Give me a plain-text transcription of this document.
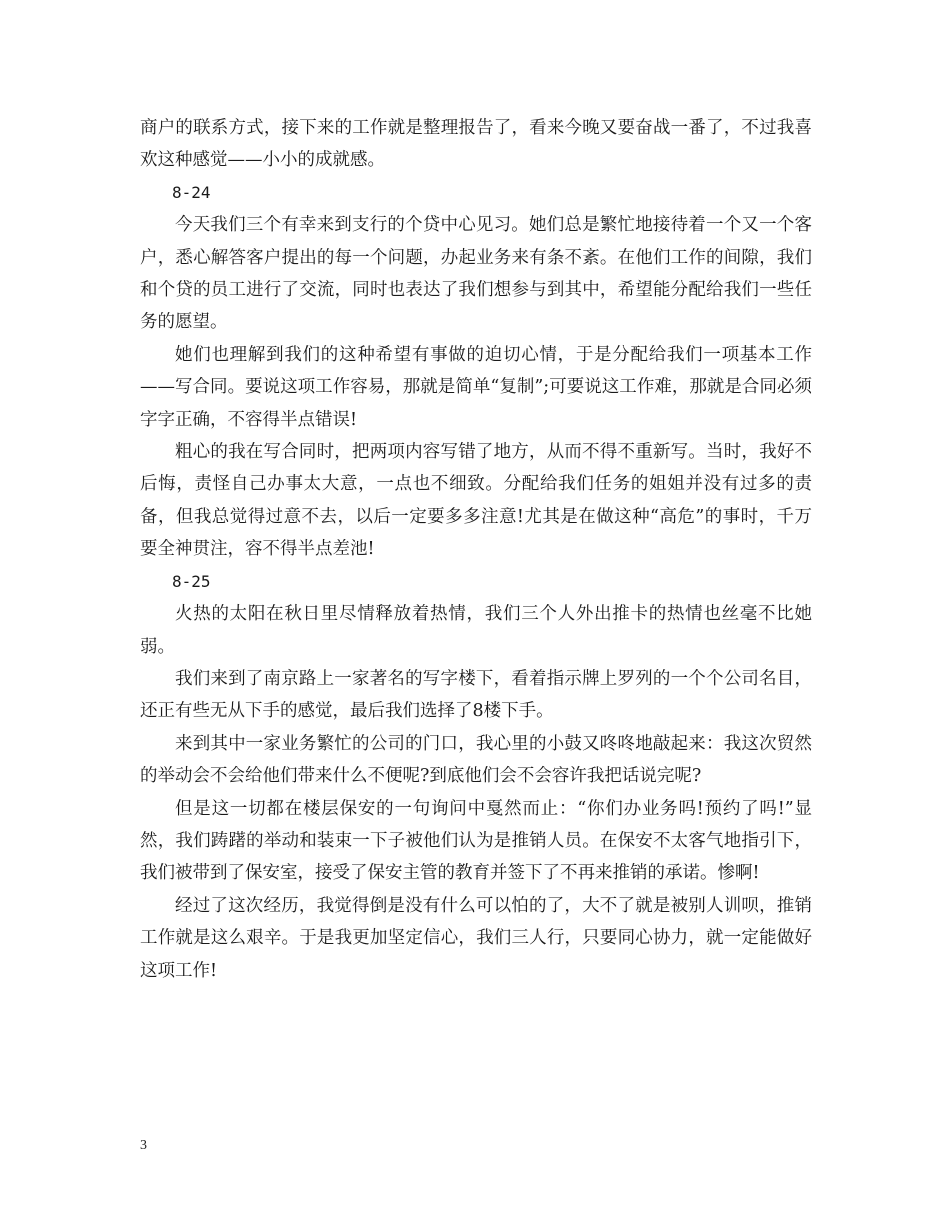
商户的联系方式，接下来的工作就是整理报告了，看来今晚又要奋战一番了，不过我喜欢这种感觉——小小的成就感。

8-24

今天我们三个有幸来到支行的个贷中心见习。她们总是繁忙地接待着一个又一个客户，悉心解答客户提出的每一个问题，办起业务来有条不紊。在他们工作的间隙，我们和个贷的员工进行了交流，同时也表达了我们想参与到其中，希望能分配给我们一些任务的愿望。

她们也理解到我们的这种希望有事做的迫切心情，于是分配给我们一项基本工作——写合同。要说这项工作容易，那就是简单“复制”;可要说这工作难，那就是合同必须字字正确，不容得半点错误!

粗心的我在写合同时，把两项内容写错了地方，从而不得不重新写。当时，我好不后悔，责怪自己办事太大意，一点也不细致。分配给我们任务的姐姐并没有过多的责备，但我总觉得过意不去，以后一定要多多注意!尤其是在做这种“高危”的事时，千万要全神贯注，容不得半点差池!

8-25

火热的太阳在秋日里尽情释放着热情，我们三个人外出推卡的热情也丝毫不比她弱。

我们来到了南京路上一家著名的写字楼下，看着指示牌上罗列的一个个公司名目，还正有些无从下手的感觉，最后我们选择了8楼下手。

来到其中一家业务繁忙的公司的门口，我心里的小鼓又咚咚地敲起来：我这次贸然的举动会不会给他们带来什么不便呢?到底他们会不会容许我把话说完呢?

但是这一切都在楼层保安的一句询问中戛然而止：“你们办业务吗!预约了吗!”显然，我们踌躇的举动和装束一下子被他们认为是推销人员。在保安不太客气地指引下，我们被带到了保安室，接受了保安主管的教育并签下了不再来推销的承诺。惨啊!

经过了这次经历，我觉得倒是没有什么可以怕的了，大不了就是被别人训呗，推销工作就是这么艰辛。于是我更加坚定信心，我们三人行，只要同心协力，就一定能做好这项工作!

3
